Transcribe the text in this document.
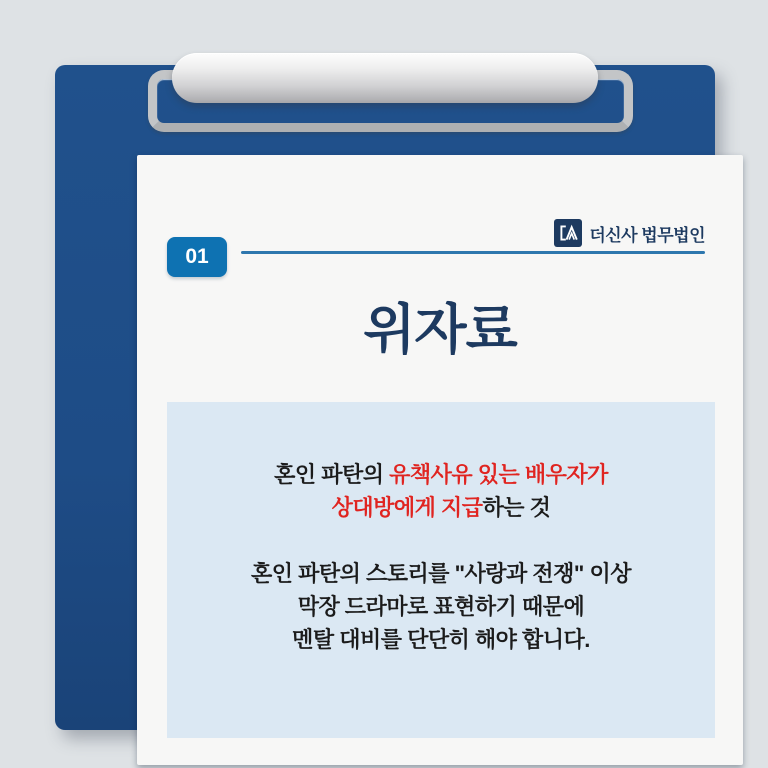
01
더신사 법무법인
위자료

혼인 파탄의 유책사유 있는 배우자가
상대방에게 지급하는 것

혼인 파탄의 스토리를 "사랑과 전쟁" 이상
막장 드라마로 표현하기 때문에
멘탈 대비를 단단히 해야 합니다.
